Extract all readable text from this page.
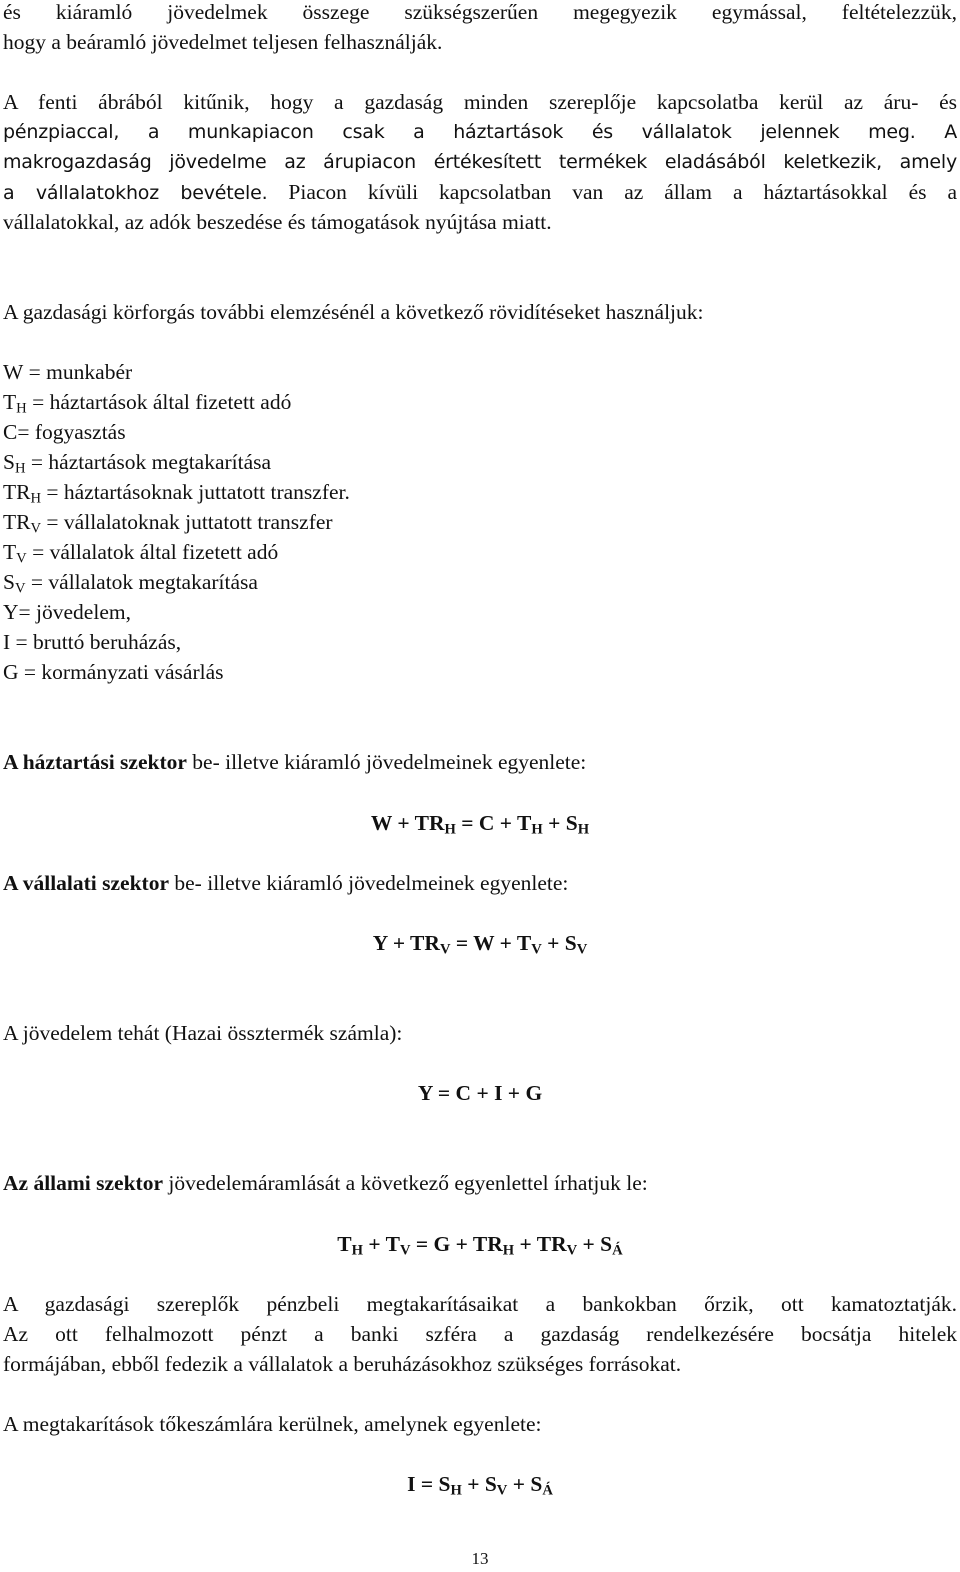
és kiáramló jövedelmek összege szükségszerűen megegyezik egymással, feltételezzük,
hogy a beáramló jövedelmet teljesen felhasználják.
A fenti ábrából kitűnik, hogy a gazdaság minden szereplője kapcsolatba kerül az áru- és
pénzpiaccal, a munkapiacon csak a háztartások és vállalatok jelennek meg. A
makrogazdaság jövedelme az árupiacon értékesített termékek eladásából keletkezik, amely
a vállalatokhoz bevétele. Piacon kívüli kapcsolatban van az állam a háztartásokkal és a
vállalatokkal, az adók beszedése és támogatások nyújtása miatt.
A gazdasági körforgás további elemzésénél a következő rövidítéseket használjuk:
W = munkabér
$T_H$ = háztartások által fizetett adó
C= fogyasztás
$S_H$ = háztartások megtakarítása
$TR_H$ = háztartásoknak juttatott transzfer.
$TR_V$ = vállalatoknak juttatott transzfer
$T_V$ = vállalatok által fizetett adó
$S_V$ = vállalatok megtakarítása
Y= jövedelem,
I = bruttó beruházás,
G = kormányzati vásárlás
A háztartási szektor be- illetve kiáramló jövedelmeinek egyenlete:
$W + TR_H = C + T_H + S_H$
A vállalati szektor be- illetve kiáramló jövedelmeinek egyenlete:
$Y + TR_V = W + T_V + S_V$
A jövedelem tehát (Hazai össztermék számla):
Y = C + I + G
Az állami szektor jövedelemáramlását a következő egyenlettel írhatjuk le:
$T_H + T_V = G + TR_H + TR_V + S_Á$
A gazdasági szereplők pénzbeli megtakarításaikat a bankokban őrzik, ott kamatoztatják.
Az ott felhalmozott pénzt a banki szféra a gazdaság rendelkezésére bocsátja hitelek
formájában, ebből fedezik a vállalatok a beruházásokhoz szükséges forrásokat.
A megtakarítások tőkeszámlára kerülnek, amelynek egyenlete:
$I = S_H + S_V + S_Á$
13
